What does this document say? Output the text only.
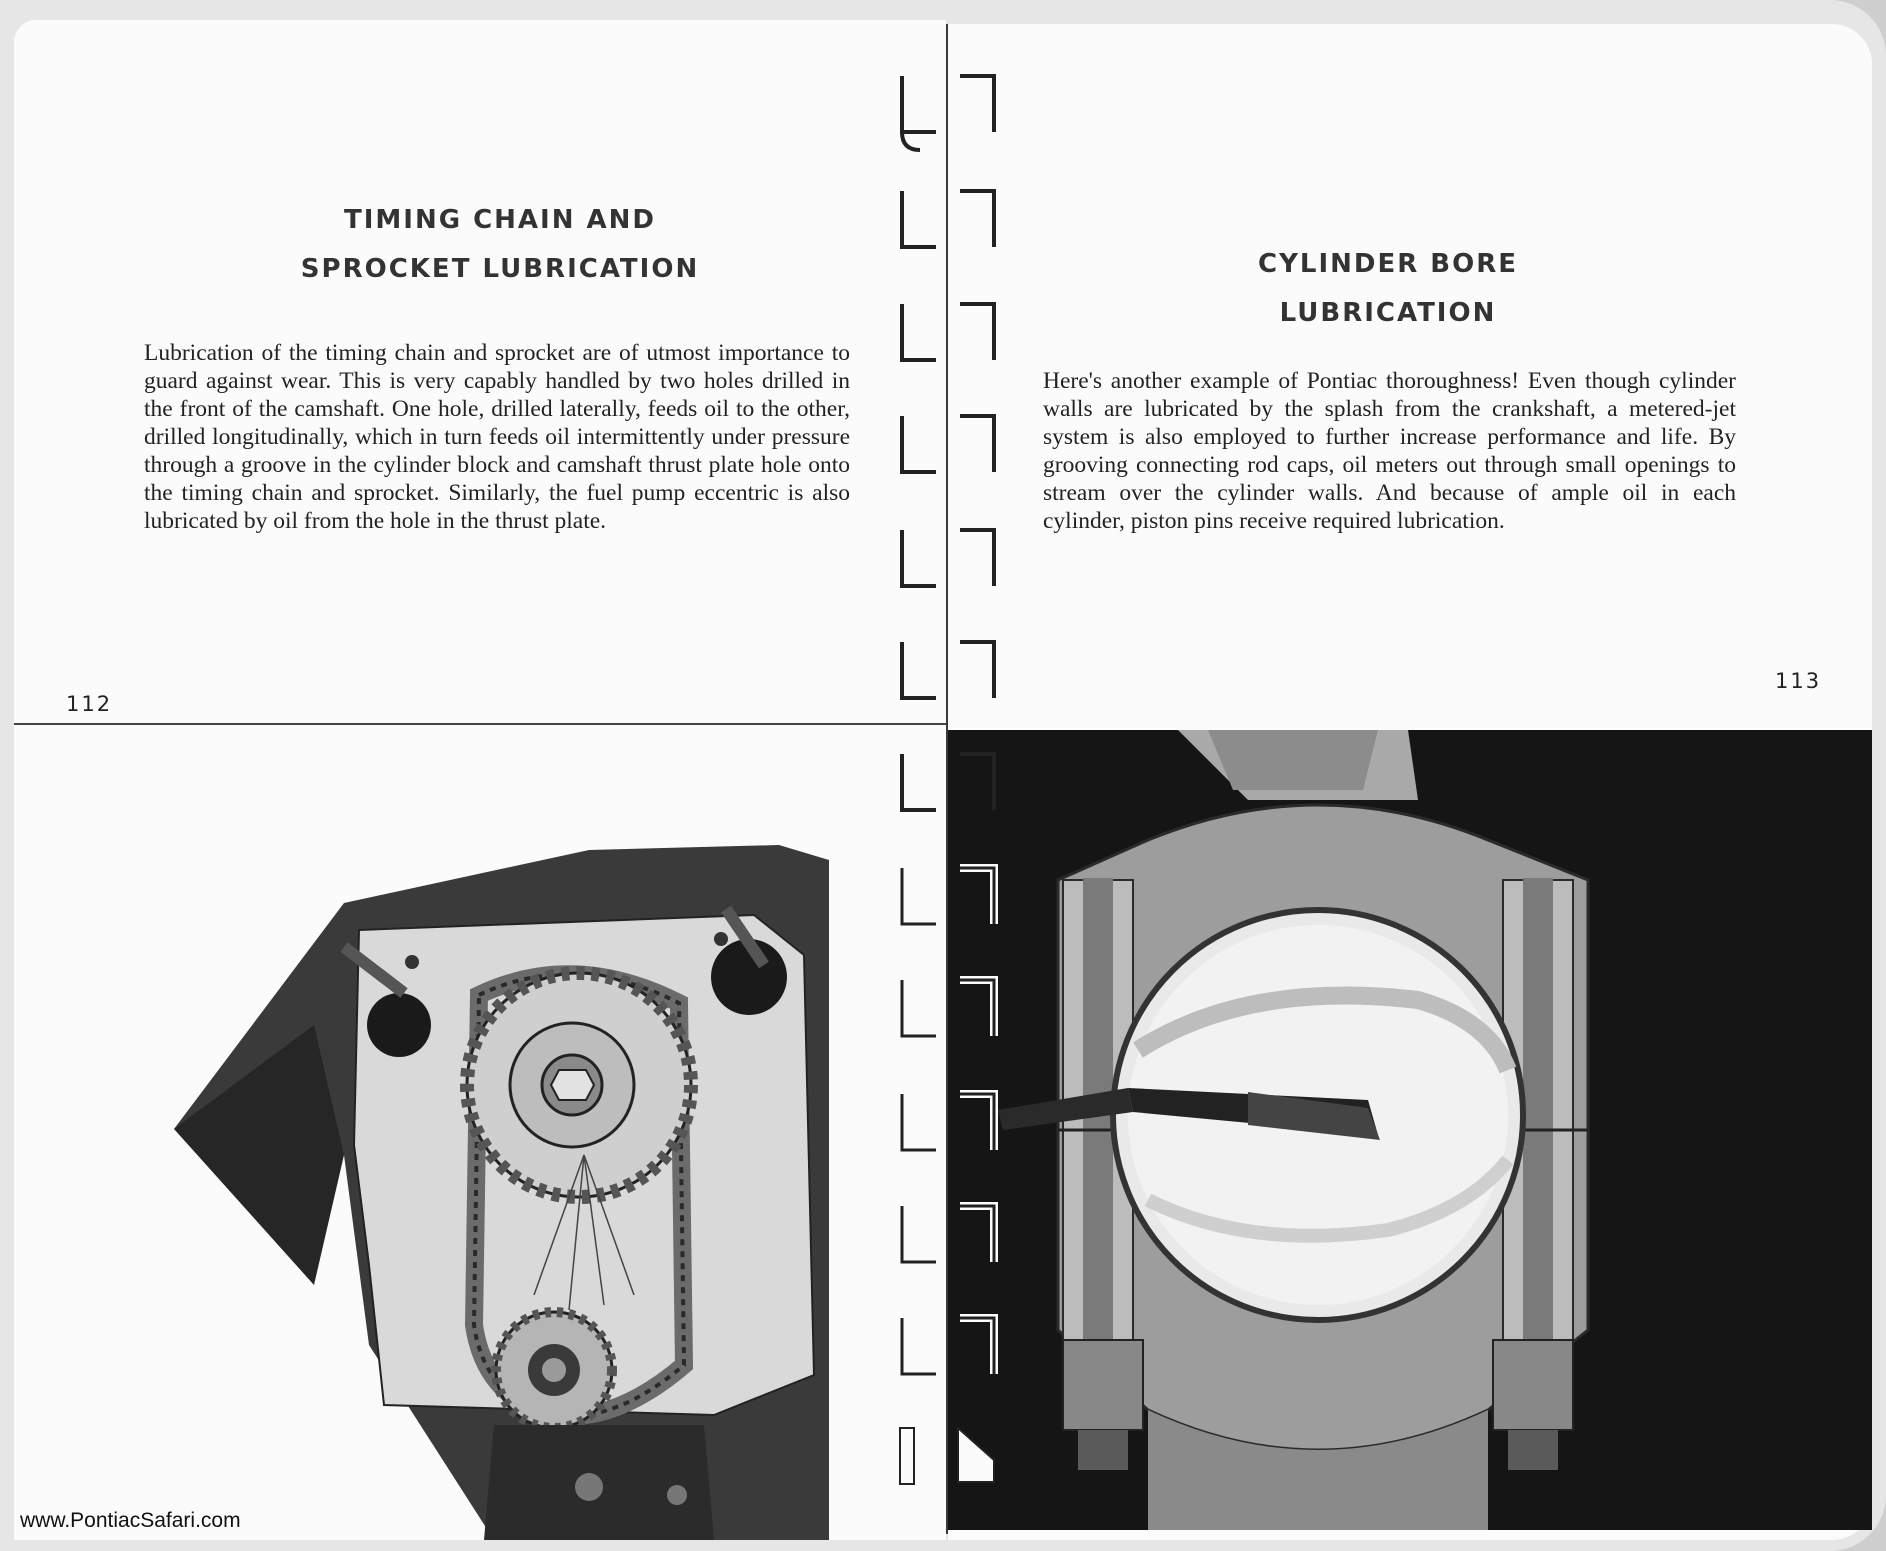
TIMING CHAIN AND
SPROCKET LUBRICATION
Lubrication of the timing chain and sprocket are of utmost importance to guard against wear. This is very capably handled by two holes drilled in the front of the camshaft. One hole, drilled laterally, feeds oil to the other, drilled longitudinally, which in turn feeds oil intermittently under pressure through a groove in the cylinder block and camshaft thrust plate hole onto the timing chain and sprocket. Similarly, the fuel pump eccentric is also lubricated by oil from the hole in the thrust plate.
112
CYLINDER BORE
LUBRICATION
Here's another example of Pontiac thoroughness! Even though cylinder walls are lubricated by the splash from the crankshaft, a metered-jet system is also employed to further increase performance and life. By grooving connecting rod caps, oil meters out through small openings to stream over the cylinder walls. And because of ample oil in each cylinder, piston pins receive required lubrication.
113
www.PontiacSafari.com
